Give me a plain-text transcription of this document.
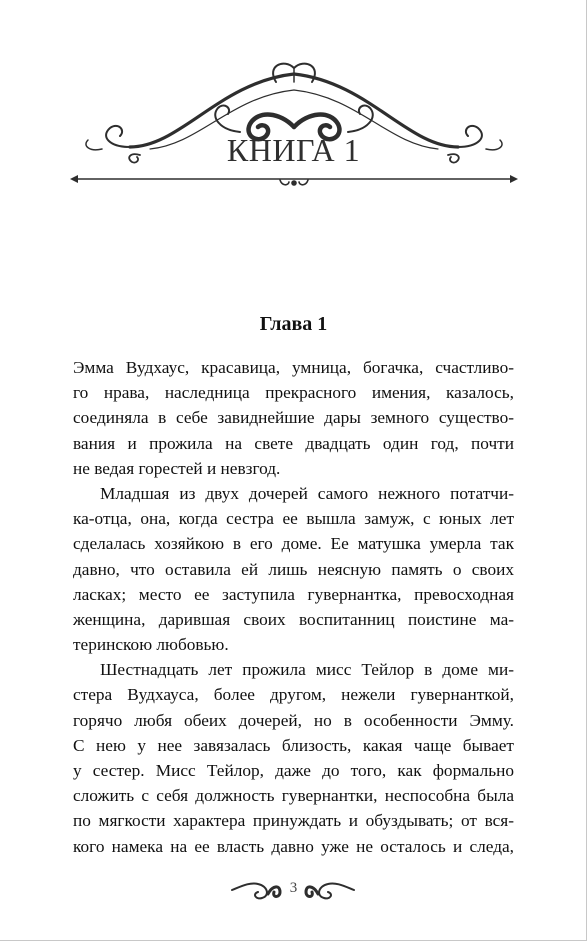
КНИГА 1
Глава 1
Эмма Вудхаус, красавица, умница, богачка, счастливо-
го нрава, наследница прекрасного имения, казалось,
соединяла в себе завиднейшие дары земного существо-
вания и прожила на свете двадцать один год, почти
не ведая горестей и невзгод.
Младшая из двух дочерей самого нежного потатчи-
ка-отца, она, когда сестра ее вышла замуж, с юных лет
сделалась хозяйкою в его доме. Ее матушка умерла так
давно, что оставила ей лишь неясную память о своих
ласках; место ее заступила гувернантка, превосходная
женщина, дарившая своих воспитанниц поистине ма-
теринскою любовью.
Шестнадцать лет прожила мисс Тейлор в доме ми-
стера Вудхауса, более другом, нежели гувернанткой,
горячо любя обеих дочерей, но в особенности Эмму.
С нею у нее завязалась близость, какая чаще бывает
у сестер. Мисс Тейлор, даже до того, как формально
сложить с себя должность гувернантки, неспособна была
по мягкости характера принуждать и обуздывать; от вся-
кого намека на ее власть давно уже не осталось и следа,
3
